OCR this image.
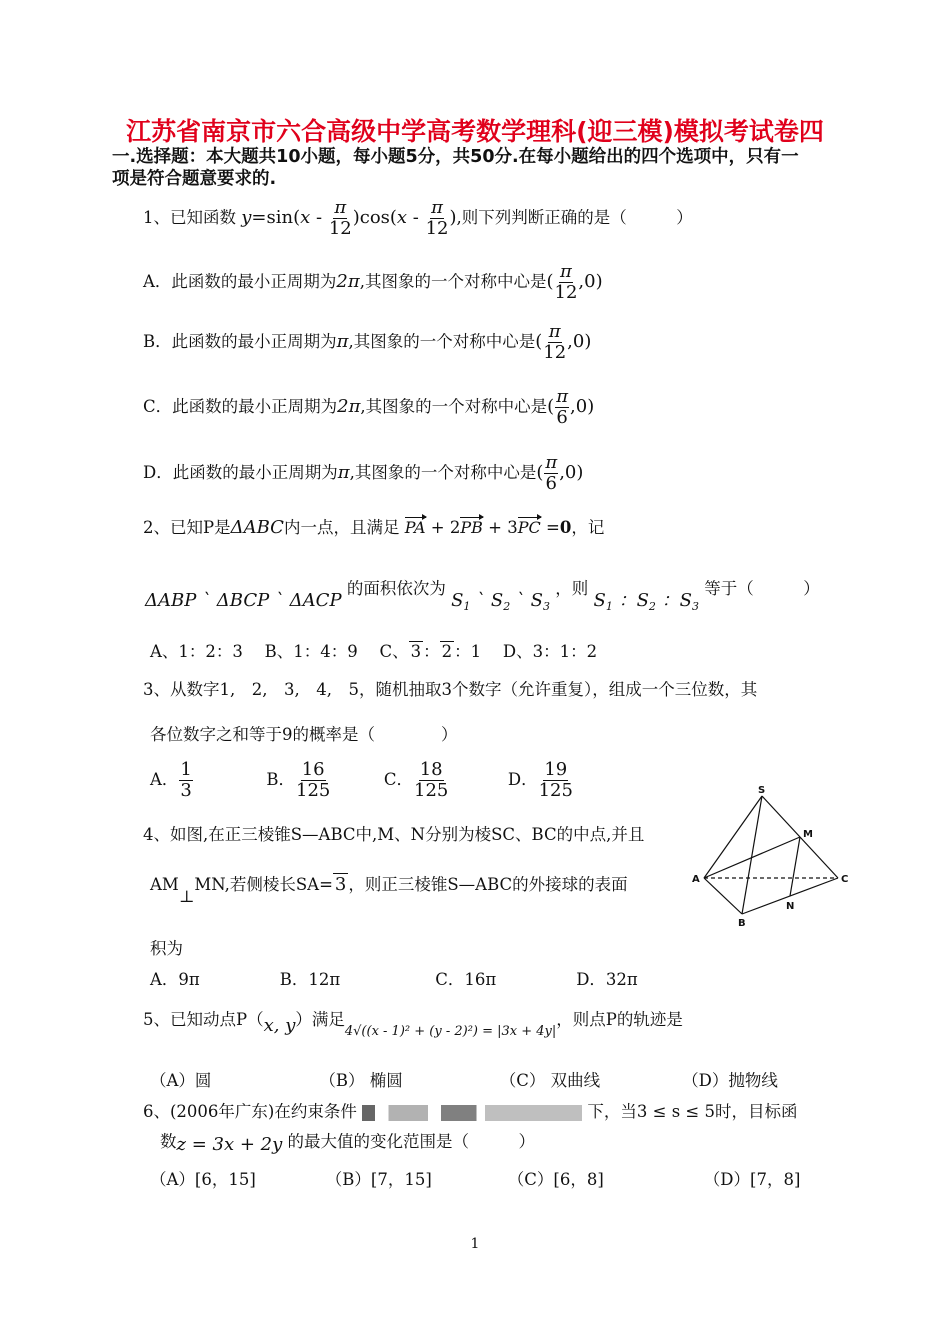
江苏省南京市六合高级中学高考数学理科(迎三模)模拟考试卷四
一.选择题：本大题共10小题，每小题5分，共50分.在每小题给出的四个选项中，只有一
项是符合题意要求的.
1、已知函数 $y=\sin(x - \frac{\pi}{12} )\cos(x - \frac{\pi}{12}$ ),则下列判断正确的是（　　　）
A．此函数的最小正周期为2π,其图象的一个对称中心是( $\frac{\pi}{12} ,0$)
B．此函数的最小正周期为π,其图象的一个对称中心是( $\frac{\pi}{12} ,0$)
C．此函数的最小正周期为2π,其图象的一个对称中心是( $\frac{\pi}{6} ,0$)
D．此函数的最小正周期为π,其图象的一个对称中心是( $\frac{\pi}{6} ,0$)
2、已知P是ΔABC内一点，且满足 PA + 2PB + 3PC =0，记
ΔABP ` ΔBCP ` ΔACP 的面积依次为 $S_1$ ` $S_2$ ` $S_3$ ，则 $S_1$ ：$S_2$ ：$S_3$ 等于（　　　）
A、1：2：3　 B、1：4：9　 C、 3 ： 2 ：1　 D、3：1：2
3、从数字1,　2,　3,　4,　5，随机抽取3个数字（允许重复），组成一个三位数，其
各位数字之和等于9的概率是（　　　　）
A． $\frac{1}{3}$	B． $\frac{16}{125}$	C． $\frac{18}{125}$	D． $\frac{19}{125}$
4、如图,在正三棱锥S—ABC中,M、N分别为棱SC、BC的中点,并且
AM⊥MN,若侧棱长SA= 3 ，则正三棱锥S—ABC的外接球的表面
积为
A．9π	B．12π	C．16π	D．32π
S
M
A	C
B
N
5、已知动点P（x, y）满足$_{4√((x - 1)^2 + (y - 2)^2) = |3x + 4y|}$，则点P的轨迹是
（A）圆	（B） 椭圆	（C） 双曲线	（D）抛物线
6、(2006年广东)在约束条件	下，当3 ≤ s ≤ 5时，目标函
数z = 3x + 2y 的最大值的变化范围是（　　　）
（A）[6，15]	（B）[7，15]	（C）[6，8]	（D）[7，8]
1
